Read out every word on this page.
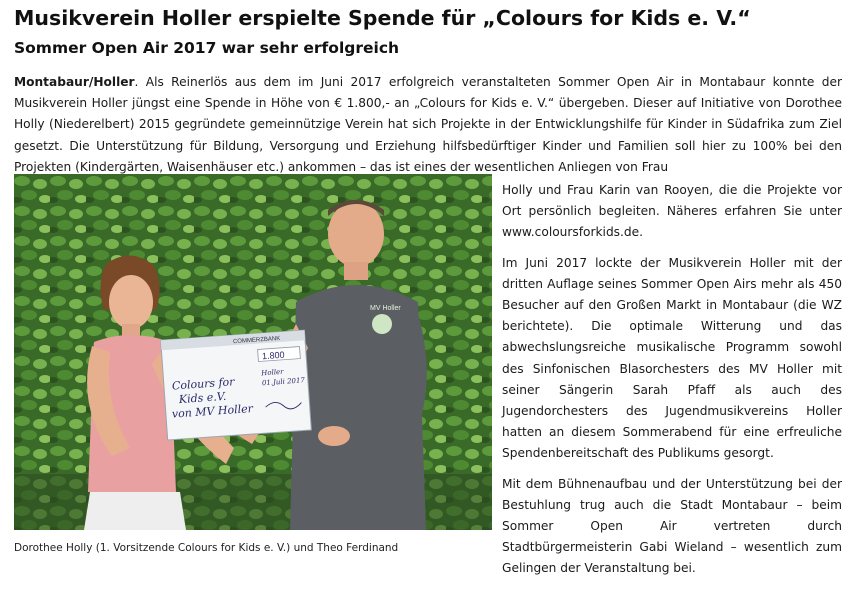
Musikverein Holler erspielte Spende für „Colours for Kids e. V.“
Sommer Open Air 2017 war sehr erfolgreich

Montabaur/Holler. Als Reinerlös aus dem im Juni 2017 erfolgreich veranstalteten Sommer Open Air in Montabaur konnte der Musikverein Holler jüngst eine Spende in Höhe von € 1.800,- an „Colours for Kids e. V.“ übergeben. Dieser auf Initiative von Dorothee Holly (Niederelbert) 2015 gegründete gemeinnützige Verein hat sich Projekte in der Entwicklungshilfe für Kinder in Südafrika zum Ziel gesetzt. Die Unterstützung für Bildung, Versorgung und Erziehung hilfsbedürftiger Kinder und Familien soll hier zu 100% bei den Projekten (Kindergärten, Waisenhäuser etc.) ankommen – das ist eines der wesentlichen Anliegen von Frau

MV Holler
COMMERZBANK
1.800
Colours for
Kids e.V.
von MV Holler
Holler
01.Juli 2017

Holly und Frau Karin van Rooyen, die die Projekte vor Ort persönlich begleiten. Näheres erfahren Sie unter www.coloursforkids.de.

Im Juni 2017 lockte der Musikverein Holler mit der dritten Auflage seines Sommer Open Airs mehr als 450 Besucher auf den Großen Markt in Montabaur (die WZ berichtete). Die optimale Witterung und das abwechslungsreiche musikalische Programm sowohl des Sinfonischen Blasorchesters des MV Holler mit seiner Sängerin Sarah Pfaff als auch des Jugendorchesters des Jugendmusikvereins Holler hatten an diesem Sommerabend für eine erfreuliche Spendenbereitschaft des Publikums gesorgt.

Mit dem Bühnenaufbau und der Unterstützung bei der Bestuhlung trug auch die Stadt Montabaur – beim Sommer Open Air vertreten durch Stadtbürgermeisterin Gabi Wieland – wesentlich zum Gelingen der Veranstaltung bei.

Dorothee Holly (1. Vorsitzende Colours for Kids e. V.) und Theo Ferdinand
